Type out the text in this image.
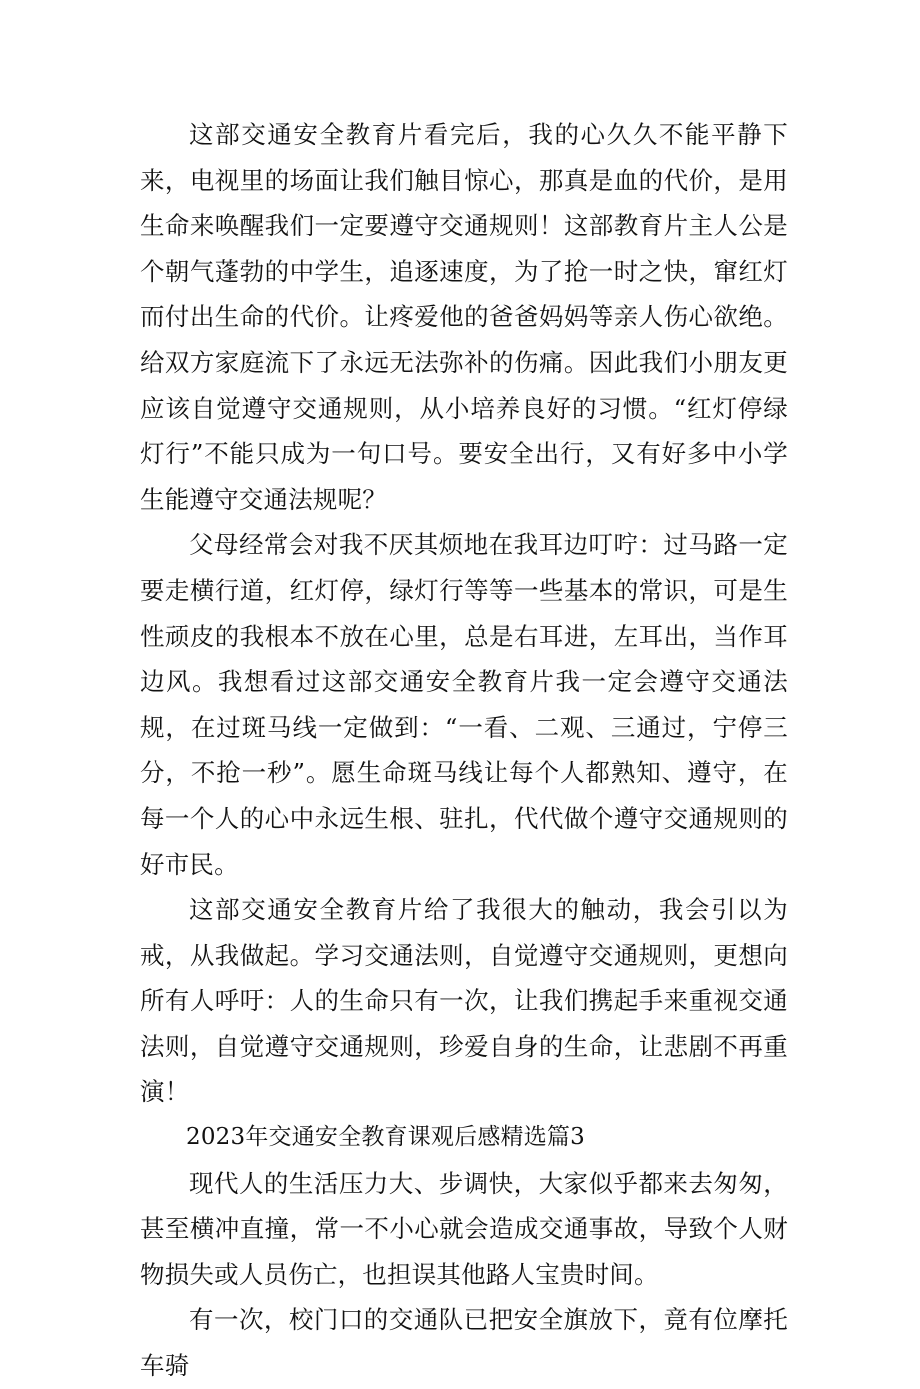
这部交通安全教育片看完后，我的心久久不能平静下来，电视里的场面让我们触目惊心，那真是血的代价，是用生命来唤醒我们一定要遵守交通规则！这部教育片主人公是个朝气蓬勃的中学生，追逐速度，为了抢一时之快，窜红灯而付出生命的代价。让疼爱他的爸爸妈妈等亲人伤心欲绝。给双方家庭流下了永远无法弥补的伤痛。因此我们小朋友更应该自觉遵守交通规则，从小培养良好的习惯。“红灯停绿灯行”不能只成为一句口号。要安全出行，又有好多中小学生能遵守交通法规呢？

父母经常会对我不厌其烦地在我耳边叮咛：过马路一定要走横行道，红灯停，绿灯行等等一些基本的常识，可是生性顽皮的我根本不放在心里，总是右耳进，左耳出，当作耳边风。我想看过这部交通安全教育片我一定会遵守交通法规，在过斑马线一定做到：“一看、二观、三通过，宁停三分，不抢一秒”。愿生命斑马线让每个人都熟知、遵守，在每一个人的心中永远生根、驻扎，代代做个遵守交通规则的好市民。

这部交通安全教育片给了我很大的触动，我会引以为戒，从我做起。学习交通法则，自觉遵守交通规则，更想向所有人呼吁：人的生命只有一次，让我们携起手来重视交通法则，自觉遵守交通规则，珍爱自身的生命，让悲剧不再重演！

2023年交通安全教育课观后感精选篇3

现代人的生活压力大、步调快，大家似乎都来去匆匆，甚至横冲直撞，常一不小心就会造成交通事故，导致个人财物损失或人员伤亡，也担误其他路人宝贵时间。

有一次，校门口的交通队已把安全旗放下，竟有位摩托车骑
